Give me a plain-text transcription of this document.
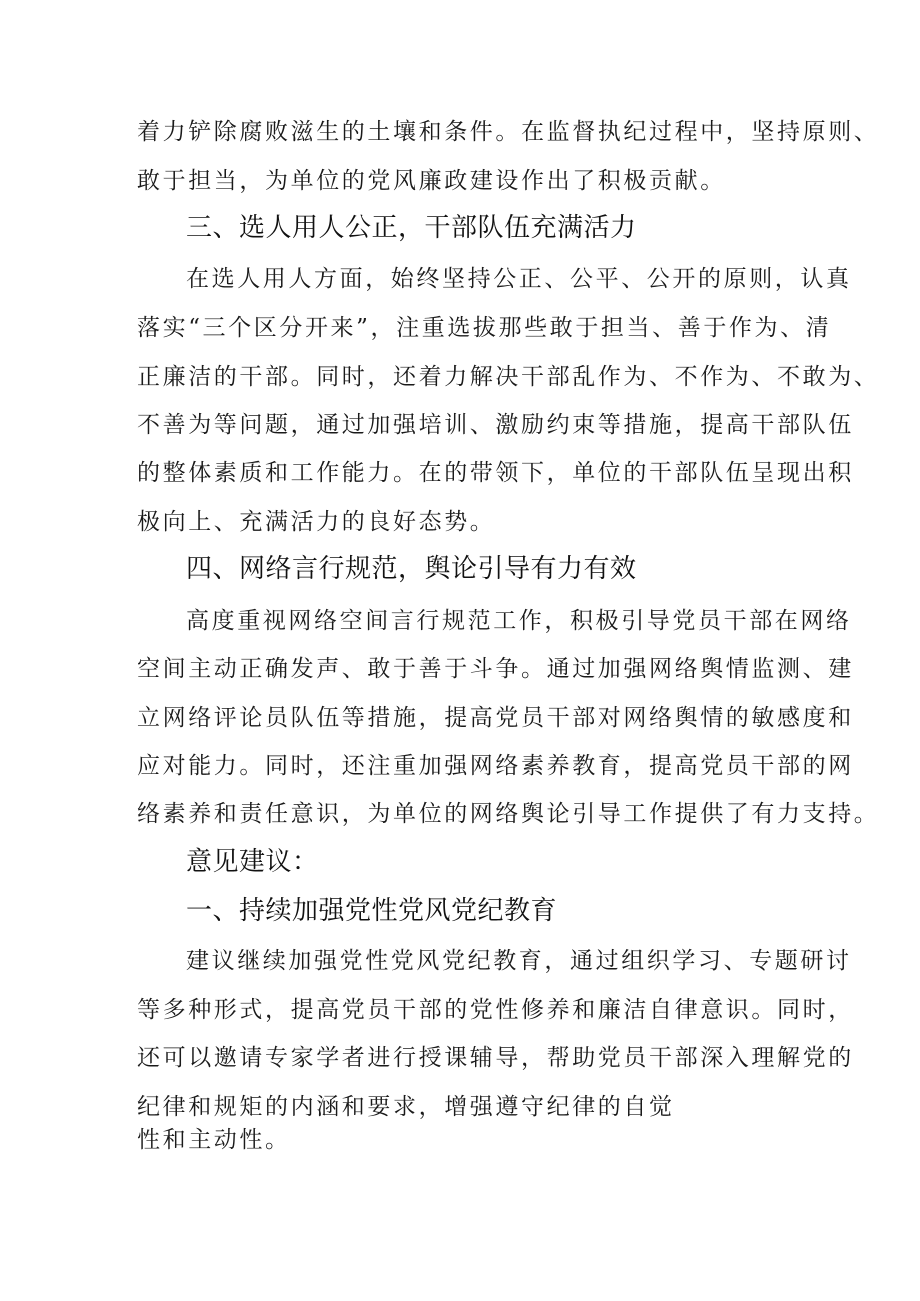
着力铲除腐败滋生的土壤和条件。在监督执纪过程中，坚持原则、
敢于担当，为单位的党风廉政建设作出了积极贡献。
三、选人用人公正，干部队伍充满活力
在选人用人方面，始终坚持公正、公平、公开的原则，认真
落实“三个区分开来”，注重选拔那些敢于担当、善于作为、清
正廉洁的干部。同时，还着力解决干部乱作为、不作为、不敢为、
不善为等问题，通过加强培训、激励约束等措施，提高干部队伍
的整体素质和工作能力。在的带领下，单位的干部队伍呈现出积
极向上、充满活力的良好态势。
四、网络言行规范，舆论引导有力有效
高度重视网络空间言行规范工作，积极引导党员干部在网络
空间主动正确发声、敢于善于斗争。通过加强网络舆情监测、建
立网络评论员队伍等措施，提高党员干部对网络舆情的敏感度和
应对能力。同时，还注重加强网络素养教育，提高党员干部的网
络素养和责任意识，为单位的网络舆论引导工作提供了有力支持。
意见建议：
一、持续加强党性党风党纪教育
建议继续加强党性党风党纪教育，通过组织学习、专题研讨
等多种形式，提高党员干部的党性修养和廉洁自律意识。同时，
还可以邀请专家学者进行授课辅导，帮助党员干部深入理解党的
纪律和规矩的内涵和要求，增强遵守纪律的自觉
性和主动性。
